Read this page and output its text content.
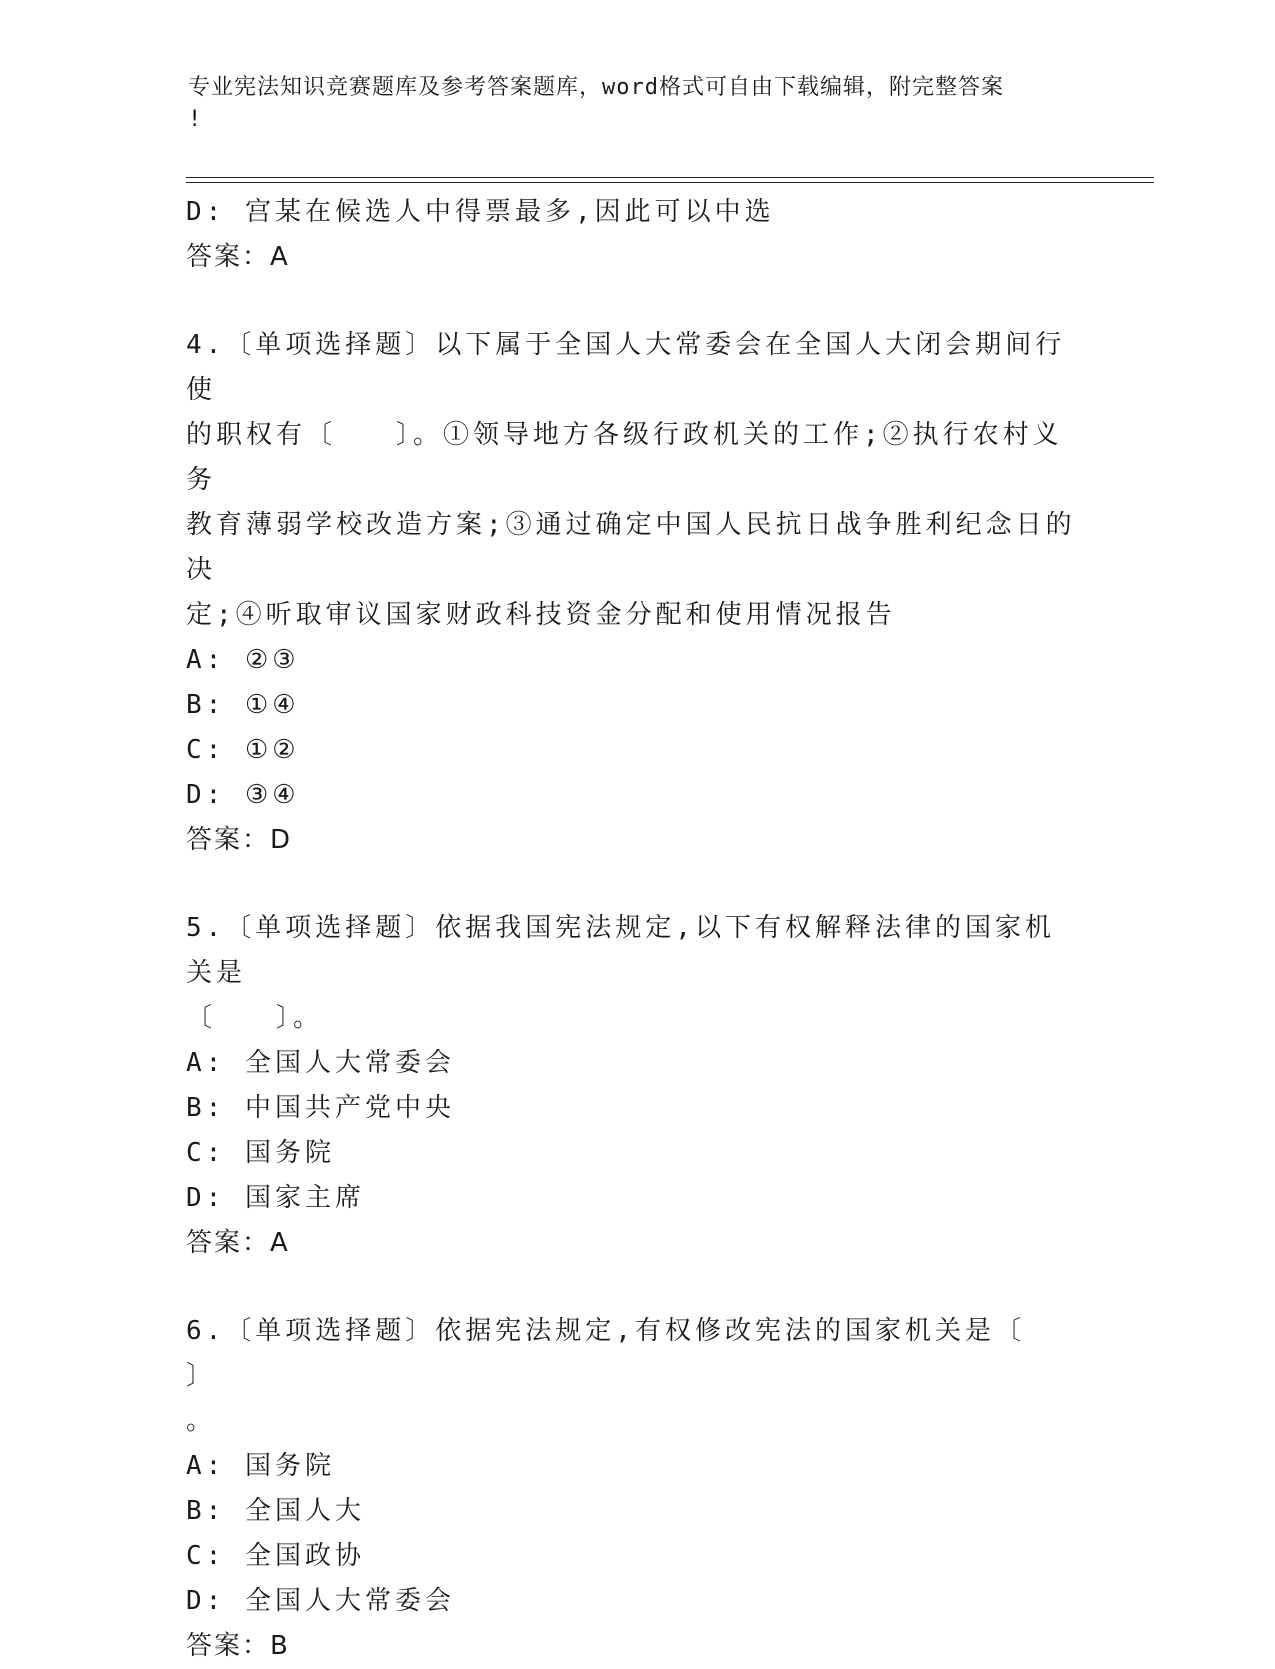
专业宪法知识竞赛题库及参考答案题库，word格式可自由下载编辑，附完整答案
!
D: 宫某在候选人中得票最多,因此可以中选
答案：A
4.〔单项选择题〕以下属于全国人大常委会在全国人大闭会期间行使
的职权有〔　　〕。①领导地方各级行政机关的工作;②执行农村义务
教育薄弱学校改造方案;③通过确定中国人民抗日战争胜利纪念日的决
定;④听取审议国家财政科技资金分配和使用情况报告
A: ②③
B: ①④
C: ①②
D: ③④
答案：D
5.〔单项选择题〕依据我国宪法规定,以下有权解释法律的国家机关是
〔　　〕。
A: 全国人大常委会
B: 中国共产党中央
C: 国务院
D: 国家主席
答案：A
6.〔单项选择题〕依据宪法规定,有权修改宪法的国家机关是〔　　〕
。
A: 国务院
B: 全国人大
C: 全国政协
D: 全国人大常委会
答案：B
